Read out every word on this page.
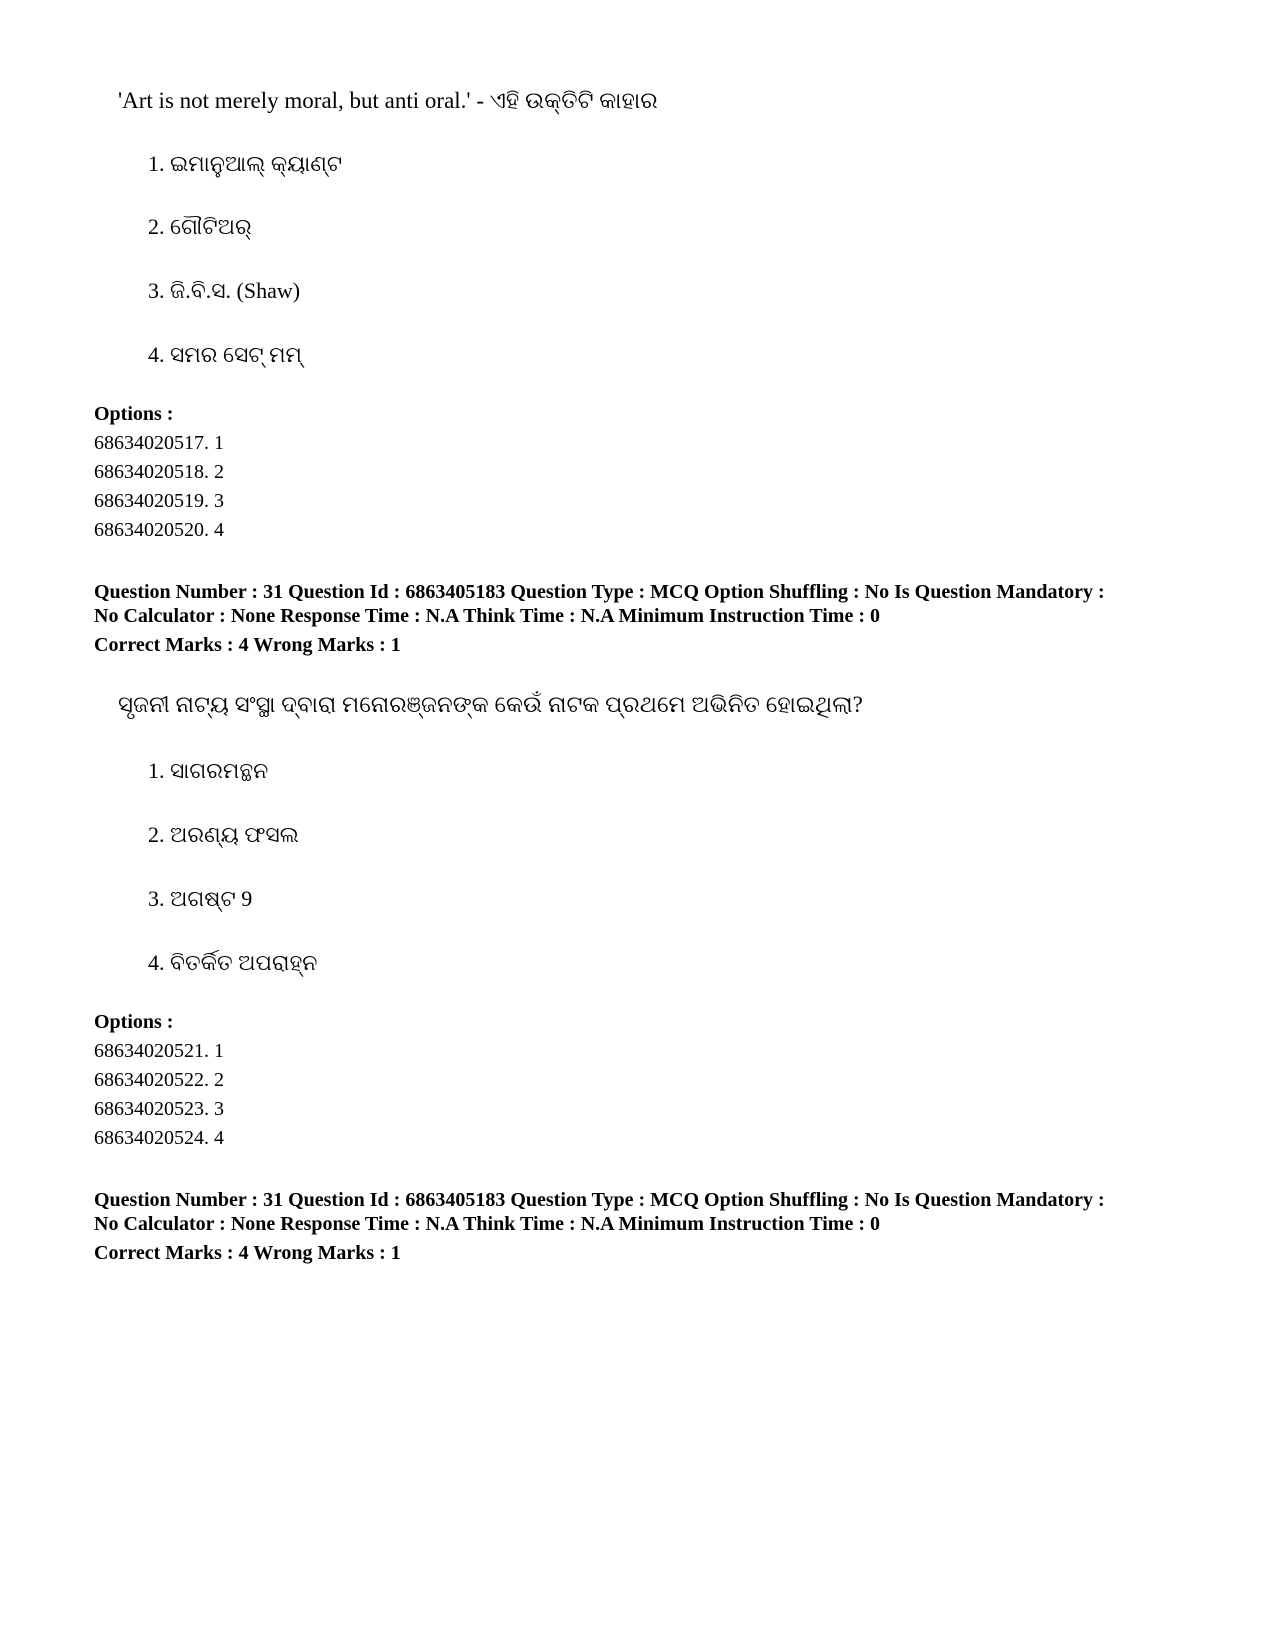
'Art is not merely moral, but anti oral.' - ଏହି ଉକ୍ତିଟି କାହାର
1. ଇମାନୁଆଲ୍ କ୍ୟାଣ୍ଟ
2. ଗୌଟିଅର୍
3. ଜି.ବି.ସ. (Shaw)
4. ସମର ସେଟ୍ ମମ୍
Options :
68634020517. 1
68634020518. 2
68634020519. 3
68634020520. 4
Question Number : 31 Question Id : 6863405183 Question Type : MCQ Option Shuffling : No Is Question Mandatory :
No Calculator : None Response Time : N.A Think Time : N.A Minimum Instruction Time : 0
Correct Marks : 4 Wrong Marks : 1
ସୃଜନୀ ନାଟ୍ୟ ସଂସ୍ଥା ଦ୍ବାରା ମନୋରଞ୍ଜନଙ୍କ କେଉଁ ନାଟକ ପ୍ରଥମେ ଅଭିନିତ ହୋଇଥିଲା?
1. ସାଗରମନ୍ଥନ
2. ଅରଣ୍ୟ ଫସଲ
3. ଅଗଷ୍ଟ 9
4. ବିତର୍କିତ ଅପରାହ୍ନ
Options :
68634020521. 1
68634020522. 2
68634020523. 3
68634020524. 4
Question Number : 31 Question Id : 6863405183 Question Type : MCQ Option Shuffling : No Is Question Mandatory :
No Calculator : None Response Time : N.A Think Time : N.A Minimum Instruction Time : 0
Correct Marks : 4 Wrong Marks : 1
